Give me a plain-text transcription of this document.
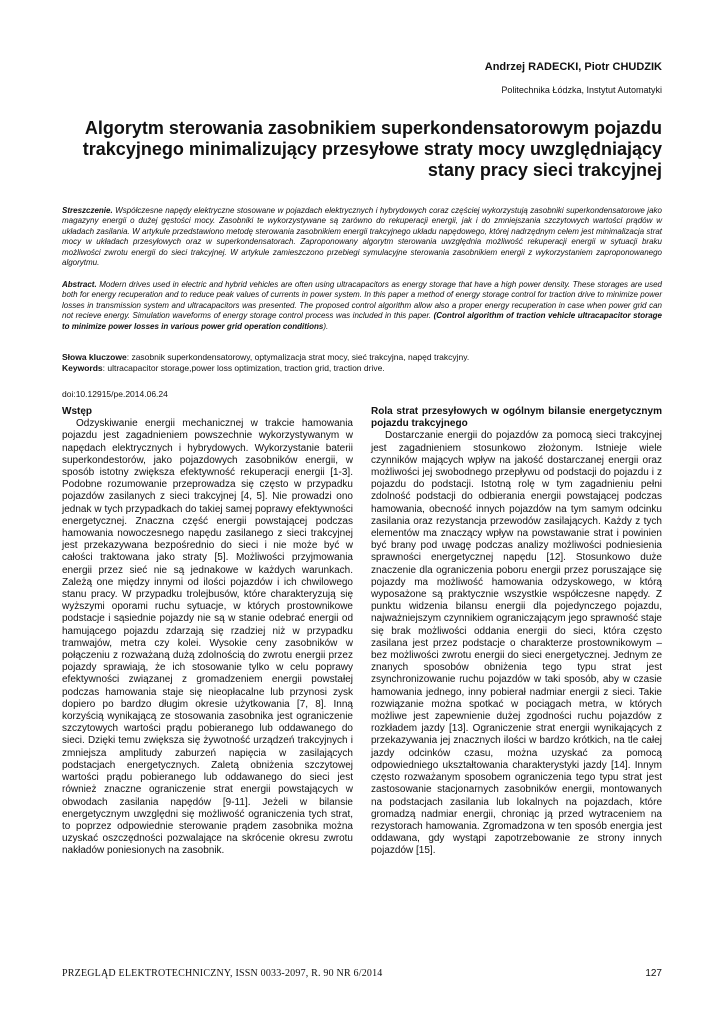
Andrzej RADECKI, Piotr CHUDZIK
Politechnika Łódzka, Instytut Automatyki
Algorytm sterowania zasobnikiem superkondensatorowym pojazdu trakcyjnego minimalizujący przesyłowe straty mocy uwzględniający stany pracy sieci trakcyjnej
Streszczenie. Współczesne napędy elektryczne stosowane w pojazdach elektrycznych i hybrydowych coraz częściej wykorzystują zasobniki superkondensatorowe jako magazyny energii o dużej gęstości mocy. Zasobniki te wykorzystywane są zarówno do rekuperacji energii, jak i do zmniejszania szczytowych wartości prądów w układach zasilania. W artykule przedstawiono metodę sterowania zasobnikiem energii trakcyjnego układu napędowego, której nadrzędnym celem jest minimalizacja strat mocy w układach przesyłowych oraz w superkondensatorach. Zaproponowany algorytm sterowania uwzględnia możliwość rekuperacji energii w sytuacji braku możliwości zwrotu energii do sieci trakcyjnej. W artykule zamieszczono przebiegi symulacyjne sterowania zasobnikiem energii z wykorzystaniem zaproponowanego algorytmu.
Abstract. Modern drives used in electric and hybrid vehicles are often using ultracapacitors as energy storage that have a high power density. These storages are used both for energy recuperation and to reduce peak values of currents in power system. In this paper a method of energy storage control for traction drive to minimize power losses in transmission system and ultracapacitors was presented. The proposed control algorithm allow also a proper energy recuperation in case when power grid can not recieve energy. Simulation waveforms of energy storage control process was included in this paper. (Control algorithm of traction vehicle ultracapacitor storage to minimize power losses in various power grid operation conditions).
Słowa kluczowe: zasobnik superkondensatorowy, optymalizacja strat mocy, sieć trakcyjna, napęd trakcyjny.
Keywords: ultracapacitor storage,power loss optimization, traction grid, traction drive.
doi:10.12915/pe.2014.06.24
Wstęp

Odzyskiwanie energii mechanicznej w trakcie hamowania pojazdu jest zagadnieniem powszechnie wykorzystywanym w napędach elektrycznych i hybrydowych. Wykorzystanie baterii superkondestorów, jako pojazdowych zasobników energii, w sposób istotny zwiększa efektywność rekuperacji energii [1-3]. Podobne rozumowanie przeprowadza się często w przypadku pojazdów zasilanych z sieci trakcyjnej [4, 5]. Nie prowadzi ono jednak w tych przypadkach do takiej samej poprawy efektywności energetycznej. Znaczna część energii powstającej podczas hamowania nowoczesnego napędu zasilanego z sieci trakcyjnej jest przekazywana bezpośrednio do sieci i nie może być w całości traktowana jako straty [5]. Możliwości przyjmowania energii przez sieć nie są jednakowe w każdych warunkach. Zależą one między innymi od ilości pojazdów i ich chwilowego stanu pracy. W przypadku trolejbusów, które charakteryzują się wyższymi oporami ruchu sytuacje, w których prostownikowe podstacje i sąsiednie pojazdy nie są w stanie odebrać energii od hamującego pojazdu zdarzają się rzadziej niż w przypadku tramwajów, metra czy kolei. Wysokie ceny zasobników w połączeniu z rozważaną dużą zdolnością do zwrotu energii przez pojazdy sprawiają, że ich stosowanie tylko w celu poprawy efektywności związanej z gromadzeniem energii powstałej podczas hamowania staje się nieopłacalne lub przynosi zysk dopiero po bardzo długim okresie użytkowania [7, 8]. Inną korzyścią wynikającą ze stosowania zasobnika jest ograniczenie szczytowych wartości prądu pobieranego lub oddawanego do sieci. Dzięki temu zwiększa się żywotność urządzeń trakcyjnych i zmniejsza amplitudy zaburzeń napięcia w zasilających podstacjach energetycznych. Zaletą obniżenia szczytowej wartości prądu pobieranego lub oddawanego do sieci jest również znaczne ograniczenie strat energii powstających w obwodach zasilania napędów [9-11]. Jeżeli w bilansie energetycznym uwzględni się możliwość ograniczenia tych strat, to poprzez odpowiednie sterowanie prądem zasobnika można uzyskać oszczędności pozwalające na skrócenie okresu zwrotu nakładów poniesionych na zasobnik.

Rola strat przesyłowych w ogólnym bilansie energetycznym pojazdu trakcyjnego

Dostarczanie energii do pojazdów za pomocą sieci trakcyjnej jest zagadnieniem stosunkowo złożonym. Istnieje wiele czynników mających wpływ na jakość dostarczanej energii oraz możliwości jej swobodnego przepływu od podstacji do pojazdu i z pojazdu do podstacji. Istotną rolę w tym zagadnieniu pełni zdolność podstacji do odbierania energii powstającej podczas hamowania, obecność innych pojazdów na tym samym odcinku zasilania oraz rezystancja przewodów zasilających. Każdy z tych elementów ma znaczący wpływ na powstawanie strat i powinien być brany pod uwagę podczas analizy możliwości podniesienia sprawności energetycznej napędu [12]. Stosunkowo duże znaczenie dla ograniczenia poboru energii przez poruszające się pojazdy ma możliwość hamowania odzyskowego, w którą wyposażone są praktycznie wszystkie współczesne napędy. Z punktu widzenia bilansu energii dla pojedynczego pojazdu, najważniejszym czynnikiem ograniczającym jego sprawność staje się brak możliwości oddania energii do sieci, która często zasilana jest przez podstacje o charakterze prostownikowym – bez możliwości zwrotu energii do sieci energetycznej. Jednym ze znanych sposobów obniżenia tego typu strat jest zsynchronizowanie ruchu pojazdów w taki sposób, aby w czasie hamowania jednego, inny pobierał nadmiar energii z sieci. Takie rozwiązanie można spotkać w pociągach metra, w których możliwe jest zapewnienie dużej zgodności ruchu pojazdów z rozkładem jazdy [13]. Ograniczenie strat energii wynikających z przekazywania jej znacznych ilości w bardzo krótkich, na tle całej jazdy odcinków czasu, można uzyskać za pomocą odpowiedniego ukształtowania charakterystyki jazdy [14]. Innym często rozważanym sposobem ograniczenia tego typu strat jest zastosowanie stacjonarnych zasobników energii, montowanych na podstacjach zasilania lub lokalnych na pojazdach, które gromadzą nadmiar energii, chroniąc ją przed wytraceniem na rezystorach hamowania. Zgromadzona w ten sposób energia jest oddawana, gdy wystąpi zapotrzebowanie ze strony innych pojazdów [15].

PRZEGLĄD ELEKTROTECHNICZNY, ISSN 0033-2097, R. 90 NR 6/2014	127
